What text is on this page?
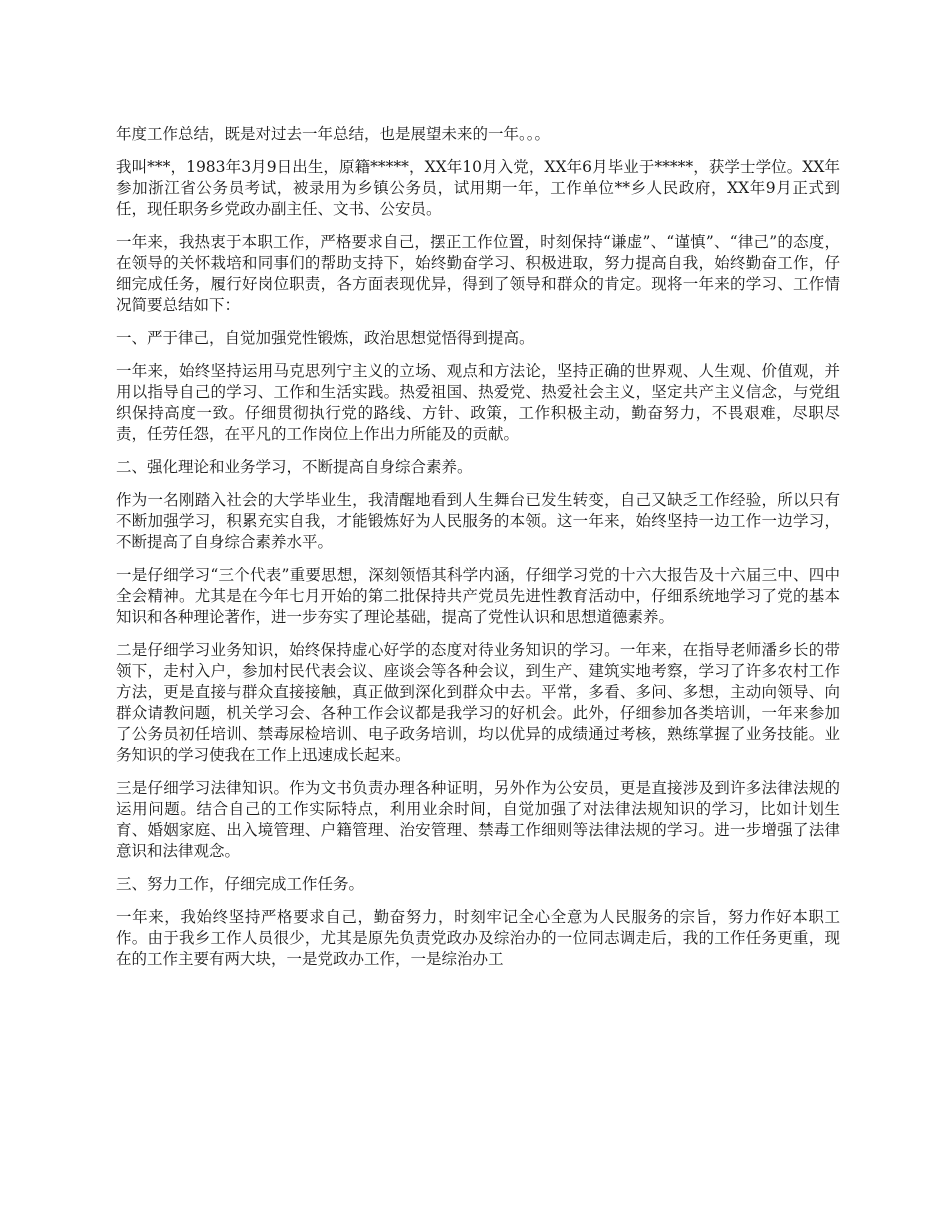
年度工作总结，既是对过去一年总结，也是展望未来的一年。。。

我叫***，1983年3月9日出生，原籍*****，XX年10月入党，XX年6月毕业于*****，获学士学位。XX年参加浙江省公务员考试，被录用为乡镇公务员，试用期一年，工作单位**乡人民政府，XX年9月正式到任，现任职务乡党政办副主任、文书、公安员。

一年来，我热衷于本职工作，严格要求自己，摆正工作位置，时刻保持“谦虚”、“谨慎”、“律己”的态度，在领导的关怀栽培和同事们的帮助支持下，始终勤奋学习、积极进取，努力提高自我，始终勤奋工作，仔细完成任务，履行好岗位职责，各方面表现优异，得到了领导和群众的肯定。现将一年来的学习、工作情况简要总结如下：

一、严于律己，自觉加强党性锻炼，政治思想觉悟得到提高。

一年来，始终坚持运用马克思列宁主义的立场、观点和方法论，坚持正确的世界观、人生观、价值观，并用以指导自己的学习、工作和生活实践。热爱祖国、热爱党、热爱社会主义，坚定共产主义信念，与党组织保持高度一致。仔细贯彻执行党的路线、方针、政策，工作积极主动，勤奋努力，不畏艰难，尽职尽责，任劳任怨，在平凡的工作岗位上作出力所能及的贡献。

二、强化理论和业务学习，不断提高自身综合素养。

作为一名刚踏入社会的大学毕业生，我清醒地看到人生舞台已发生转变，自己又缺乏工作经验，所以只有不断加强学习，积累充实自我，才能锻炼好为人民服务的本领。这一年来，始终坚持一边工作一边学习，不断提高了自身综合素养水平。

一是仔细学习“三个代表”重要思想，深刻领悟其科学内涵，仔细学习党的十六大报告及十六届三中、四中全会精神。尤其是在今年七月开始的第二批保持共产党员先进性教育活动中，仔细系统地学习了党的基本知识和各种理论著作，进一步夯实了理论基础，提高了党性认识和思想道德素养。

二是仔细学习业务知识，始终保持虚心好学的态度对待业务知识的学习。一年来，在指导老师潘乡长的带领下，走村入户，参加村民代表会议、座谈会等各种会议，到生产、建筑实地考察，学习了许多农村工作方法，更是直接与群众直接接触，真正做到深化到群众中去。平常，多看、多问、多想，主动向领导、向群众请教问题，机关学习会、各种工作会议都是我学习的好机会。此外，仔细参加各类培训，一年来参加了公务员初任培训、禁毒尿检培训、电子政务培训，均以优异的成绩通过考核，熟练掌握了业务技能。业务知识的学习使我在工作上迅速成长起来。

三是仔细学习法律知识。作为文书负责办理各种证明，另外作为公安员，更是直接涉及到许多法律法规的运用问题。结合自己的工作实际特点，利用业余时间，自觉加强了对法律法规知识的学习，比如计划生育、婚姻家庭、出入境管理、户籍管理、治安管理、禁毒工作细则等法律法规的学习。进一步增强了法律意识和法律观念。

三、努力工作，仔细完成工作任务。

一年来，我始终坚持严格要求自己，勤奋努力，时刻牢记全心全意为人民服务的宗旨，努力作好本职工作。由于我乡工作人员很少，尤其是原先负责党政办及综治办的一位同志调走后，我的工作任务更重，现在的工作主要有两大块，一是党政办工作，一是综治办工
